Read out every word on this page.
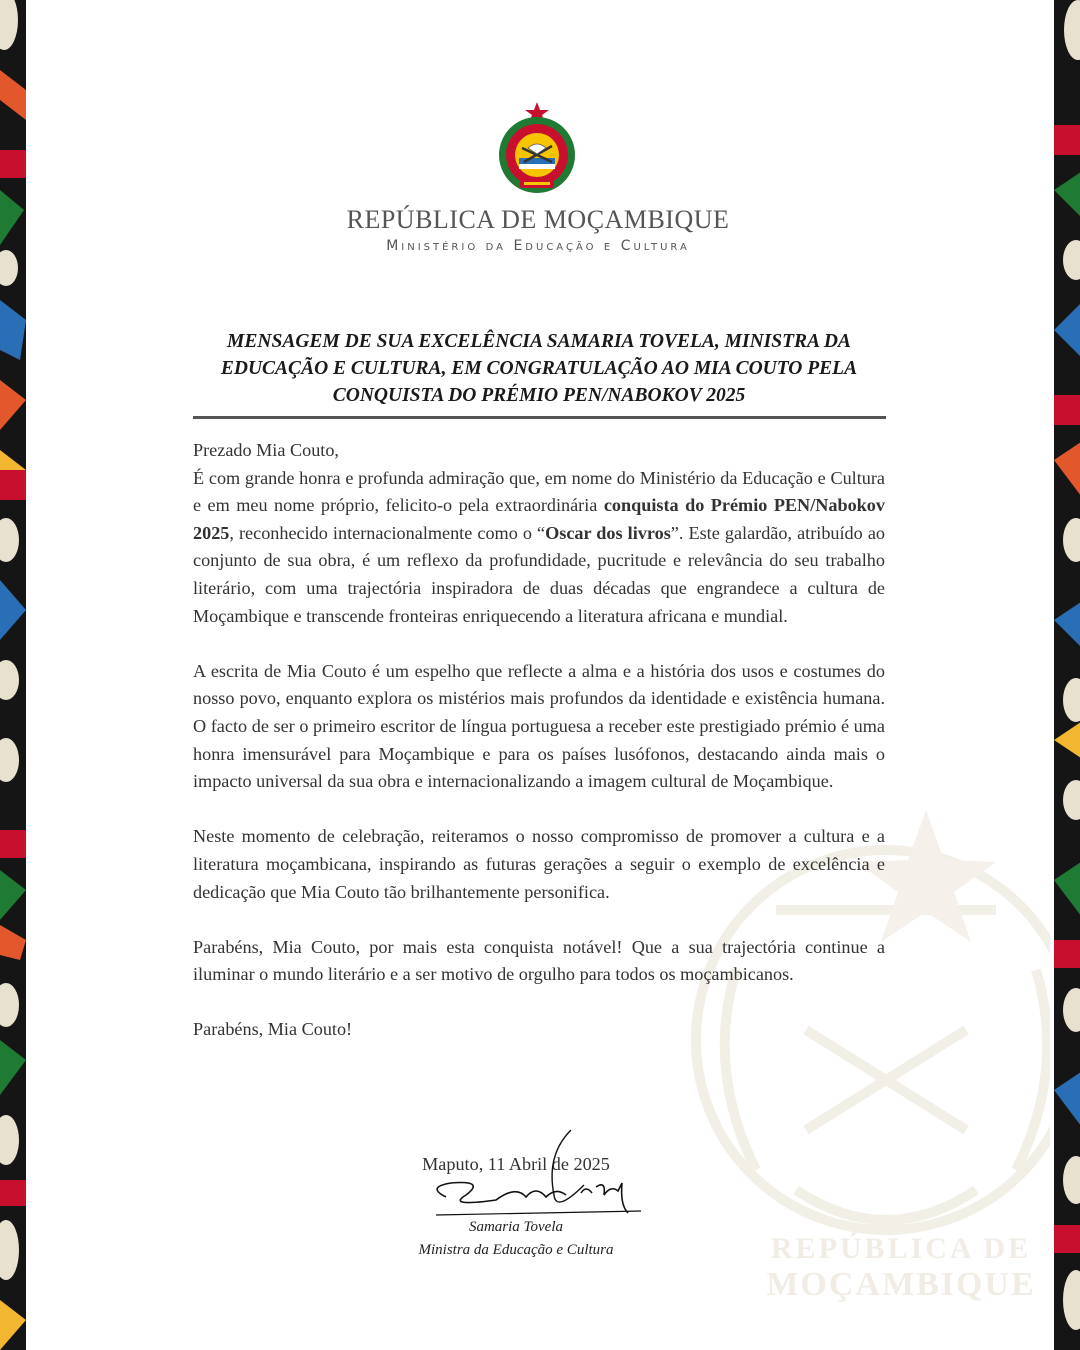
REPÚBLICA DE
MOÇAMBIQUE
REPÚBLICA DE MOÇAMBIQUE
Ministério da Educação e Cultura
MENSAGEM DE SUA EXCELÊNCIA SAMARIA TOVELA, MINISTRA DA EDUCAÇÃO E CULTURA, EM CONGRATULAÇÃO AO MIA COUTO PELA CONQUISTA DO PRÉMIO PEN/NABOKOV 2025

Prezado Mia Couto,

É com grande honra e profunda admiração que, em nome do Ministério da Educação e Cultura e em meu nome próprio, felicito-o pela extraordinária conquista do Prémio PEN/Nabokov 2025, reconhecido internacionalmente como o “Oscar dos livros”. Este galardão, atribuído ao conjunto de sua obra, é um reflexo da profundidade, pucritude e relevância do seu trabalho literário, com uma trajectória inspiradora de duas décadas que engrandece a cultura de Moçambique e transcende fronteiras enriquecendo a literatura africana e mundial.

A escrita de Mia Couto é um espelho que reflecte a alma e a história dos usos e costumes do nosso povo, enquanto explora os mistérios mais profundos da identidade e existência humana. O facto de ser o primeiro escritor de língua portuguesa a receber este prestigiado prémio é uma honra imensurável para Moçambique e para os países lusófonos, destacando ainda mais o impacto universal da sua obra e internacionalizando a imagem cultural de Moçambique.

Neste momento de celebração, reiteramos o nosso compromisso de promover a cultura e a literatura moçambicana, inspirando as futuras gerações a seguir o exemplo de excelência e dedicação que Mia Couto tão brilhantemente personifica.

Parabéns, Mia Couto, por mais esta conquista notável! Que a sua trajectória continue a iluminar o mundo literário e a ser motivo de orgulho para todos os moçambicanos.

Parabéns, Mia Couto!

Maputo, 11 Abril de 2025
Samaria Tovela
Ministra da Educação e Cultura
